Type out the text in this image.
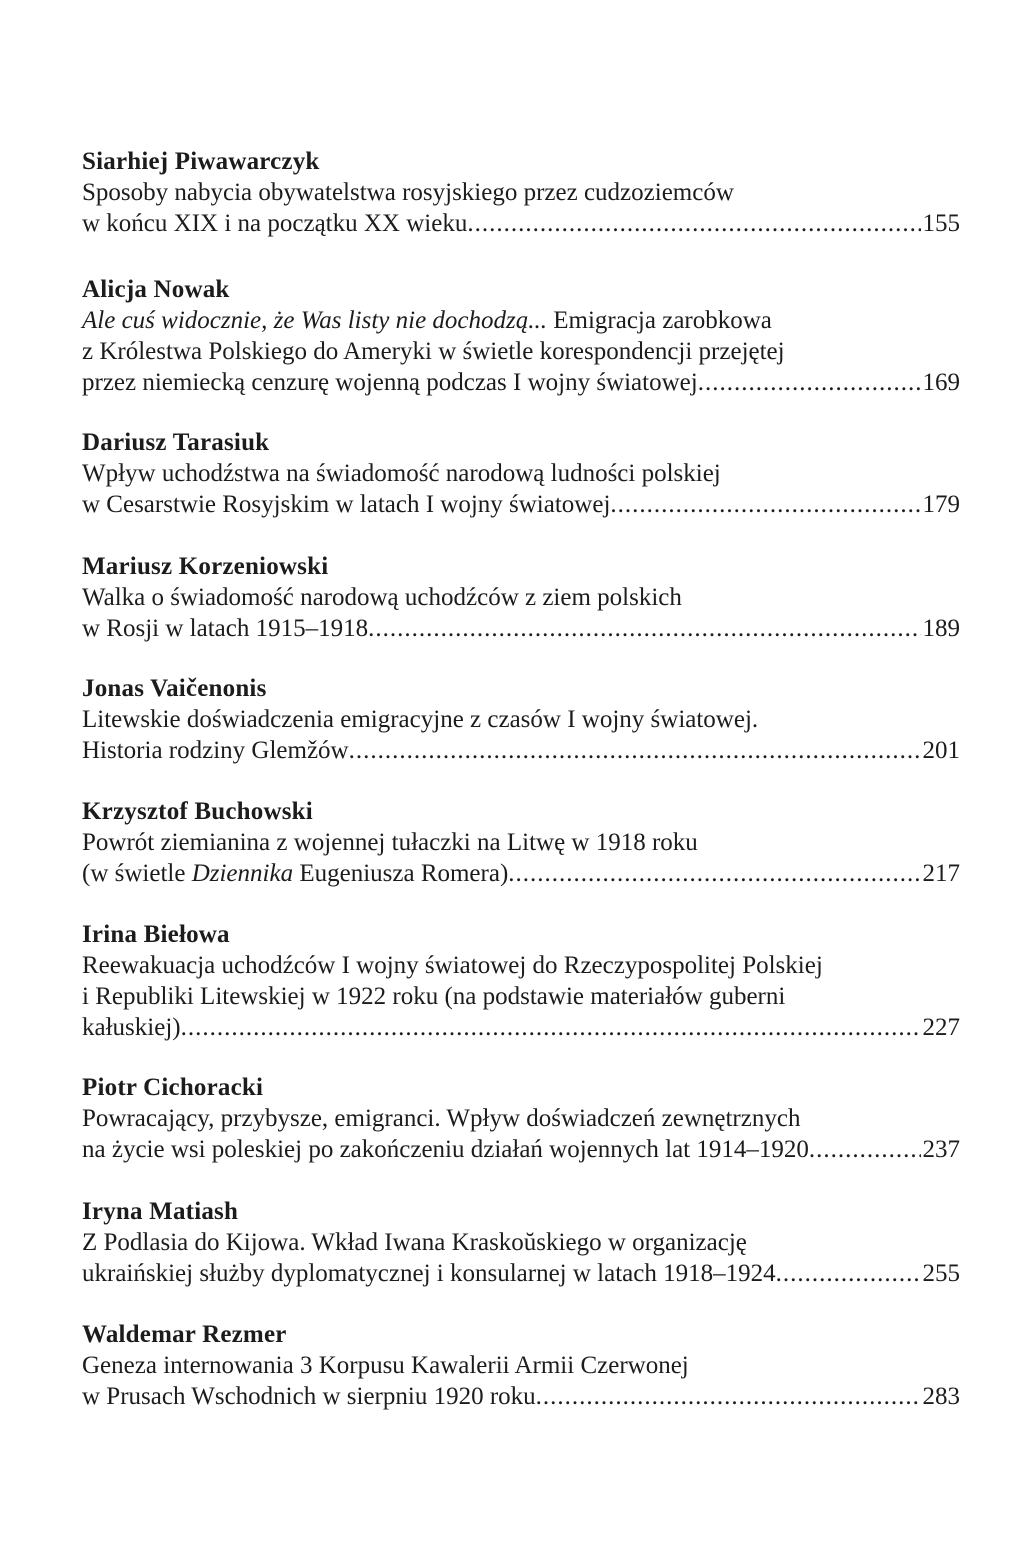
Siarhiej Piwawarczyk
Sposoby nabycia obywatelstwa rosyjskiego przez cudzoziemców
w końcu XIX i na początku XX wieku .....	155
Alicja Nowak
Ale cuś widocznie, że Was listy nie dochodzą... Emigracja zarobkowa
z Królestwa Polskiego do Ameryki w świetle korespondencji przejętej
przez niemiecką cenzurę wojenną podczas I wojny światowej .....	169
Dariusz Tarasiuk
Wpływ uchodźstwa na świadomość narodową ludności polskiej
w Cesarstwie Rosyjskim w latach I wojny światowej .....	179
Mariusz Korzeniowski
Walka o świadomość narodową uchodźców z ziem polskich
w Rosji w latach 1915–1918 .....	189
Jonas Vaičenonis
Litewskie doświadczenia emigracyjne z czasów I wojny światowej.
Historia rodziny Glemžów .....	201
Krzysztof Buchowski
Powrót ziemianina z wojennej tułaczki na Litwę w 1918 roku
(w świetle Dziennika Eugeniusza Romera) .....	217
Irina Biełowa
Reewakuacja uchodźców I wojny światowej do Rzeczypospolitej Polskiej
i Republiki Litewskiej w 1922 roku (na podstawie materiałów guberni
kałuskiej) .....	227
Piotr Cichoracki
Powracający, przybysze, emigranci. Wpływ doświadczeń zewnętrznych
na życie wsi poleskiej po zakończeniu działań wojennych lat 1914–1920 .....	237
Iryna Matiash
Z Podlasia do Kijowa. Wkład Iwana Kraskoŭskiego w organizację
ukraińskiej służby dyplomatycznej i konsularnej w latach 1918–1924 .....	255
Waldemar Rezmer
Geneza internowania 3 Korpusu Kawalerii Armii Czerwonej
w Prusach Wschodnich w sierpniu 1920 roku .....	283
